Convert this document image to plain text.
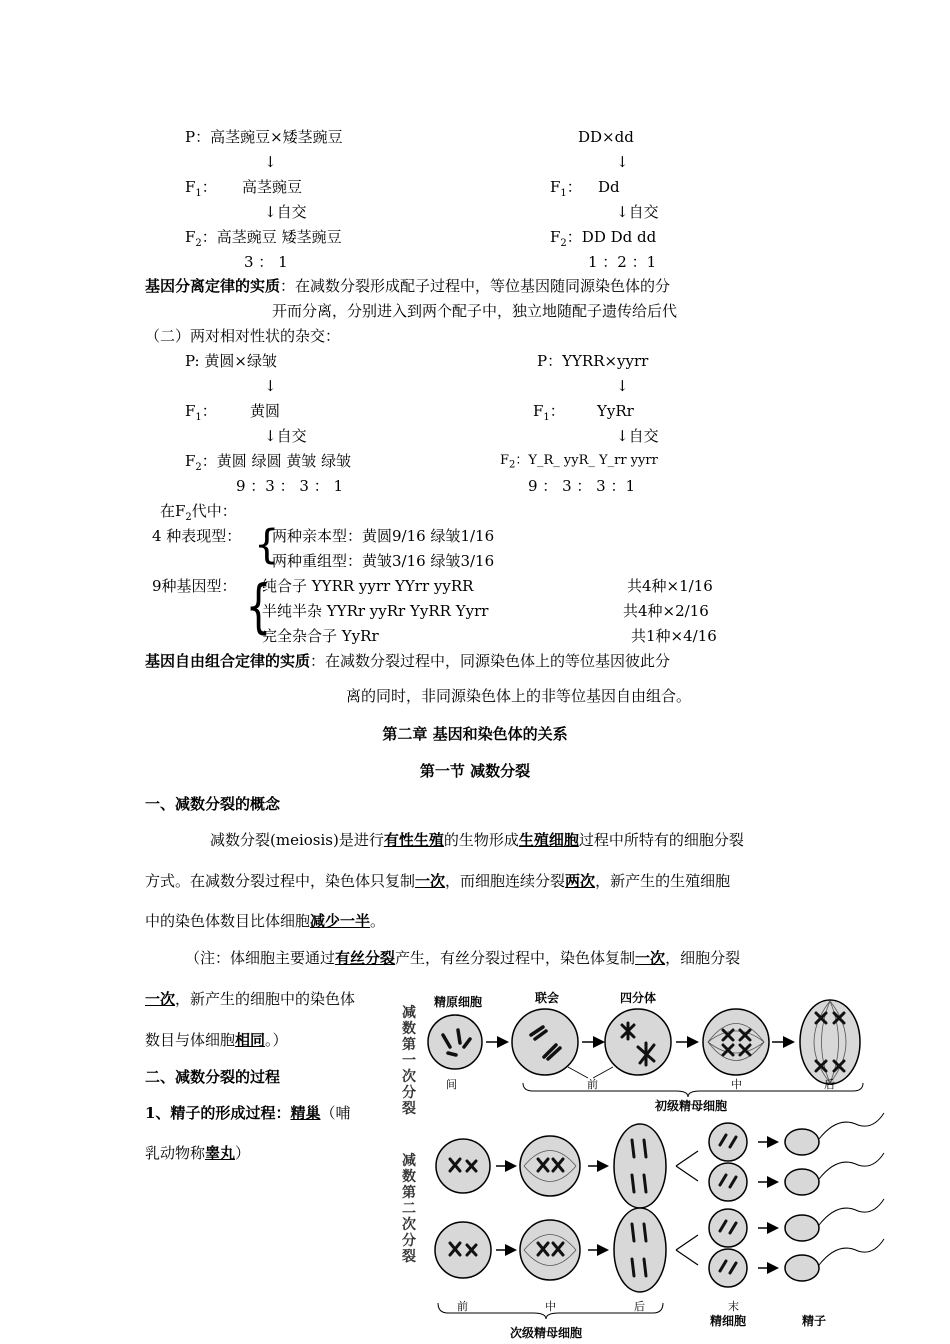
P：高茎豌豆×矮茎豌豆	DD×dd
↓	↓
$F_1$： 高茎豌豆	$F_1$： Dd
↓自交	↓自交
$F_2$：高茎豌豆 矮茎豌豆	$F_2$：DD Dd dd
3 ： 1	1 ：2 ：1
基因分离定律的实质：在减数分裂形成配子过程中，等位基因随同源染色体的分
开而分离，分别进入到两个配子中，独立地随配子遗传给后代
（二）两对相对性状的杂交：
P: 黄圆×绿皱	P：YYRR×yyrr
↓	↓
$F_1$： 黄圆	$F_1$： YyRr
↓自交	↓自交
$F_2$：黄圆 绿圆 黄皱 绿皱	$F_2$：Y_R_ yyR_ Y_rr yyrr
9 ：3 ： 3 ： 1	9 ： 3 ： 3 ：1
在$F_2$代中：
4 种表现型： {
两种亲本型：黄圆9/16 绿皱1/16
两种重组型：黄皱3/16 绿皱3/16
9种基因型： {
纯合子 YYRR yyrr YYrr yyRR	共4种×1/16
半纯半杂 YYRr yyRr YyRR Yyrr	共4种×2/16
完全杂合子 YyRr	共1种×4/16
基因自由组合定律的实质：在减数分裂过程中，同源染色体上的等位基因彼此分
离的同时，非同源染色体上的非等位基因自由组合。
第二章 基因和染色体的关系
第一节 减数分裂
一、减数分裂的概念
减数分裂(meiosis)是进行有性生殖的生物形成生殖细胞过程中所特有的细胞分裂
方式。在减数分裂过程中，染色体只复制一次，而细胞连续分裂两次，新产生的生殖细胞
中的染色体数目比体细胞减少一半。
（注：体细胞主要通过有丝分裂产生，有丝分裂过程中，染色体复制一次，细胞分裂
一次，新产生的细胞中的染色体
数目与体细胞相同。）
二、减数分裂的过程
1、精子的形成过程：精巢（哺
乳动物称睾丸）
减数第一次分裂
减数第二次分裂
精原细胞	联会	四分体
间	前	中	后
初级精母细胞
前	中	后	末
精细胞	精子
次级精母细胞
